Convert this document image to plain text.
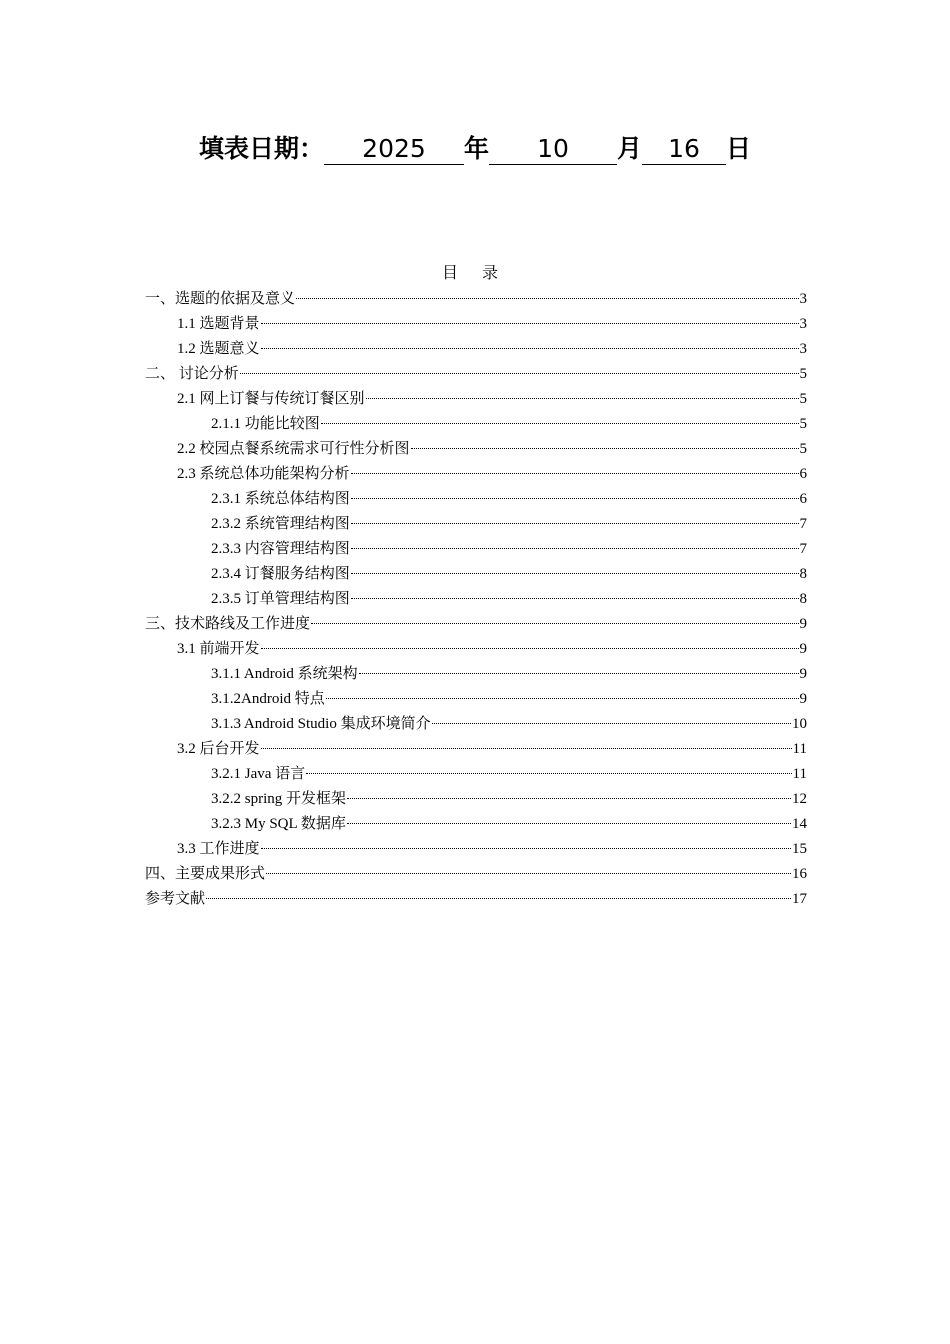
填表日期： 2025 年 10 月 16 日
目 录
一、选题的依据及意义	3
1.1 选题背景	3
1.2 选题意义	3
二、 讨论分析	5
2.1 网上订餐与传统订餐区别	5
2.1.1 功能比较图	5
2.2 校园点餐系统需求可行性分析图	5
2.3 系统总体功能架构分析	6
2.3.1 系统总体结构图	6
2.3.2 系统管理结构图	7
2.3.3 内容管理结构图	7
2.3.4 订餐服务结构图	8
2.3.5 订单管理结构图	8
三、技术路线及工作进度	9
3.1 前端开发	9
3.1.1 Android 系统架构	9
3.1.2Android 特点	9
3.1.3 Android Studio 集成环境简介	10
3.2 后台开发	11
3.2.1 Java 语言	11
3.2.2 spring 开发框架	12
3.2.3 My SQL 数据库	14
3.3 工作进度	15
四、主要成果形式	16
参考文献	17
